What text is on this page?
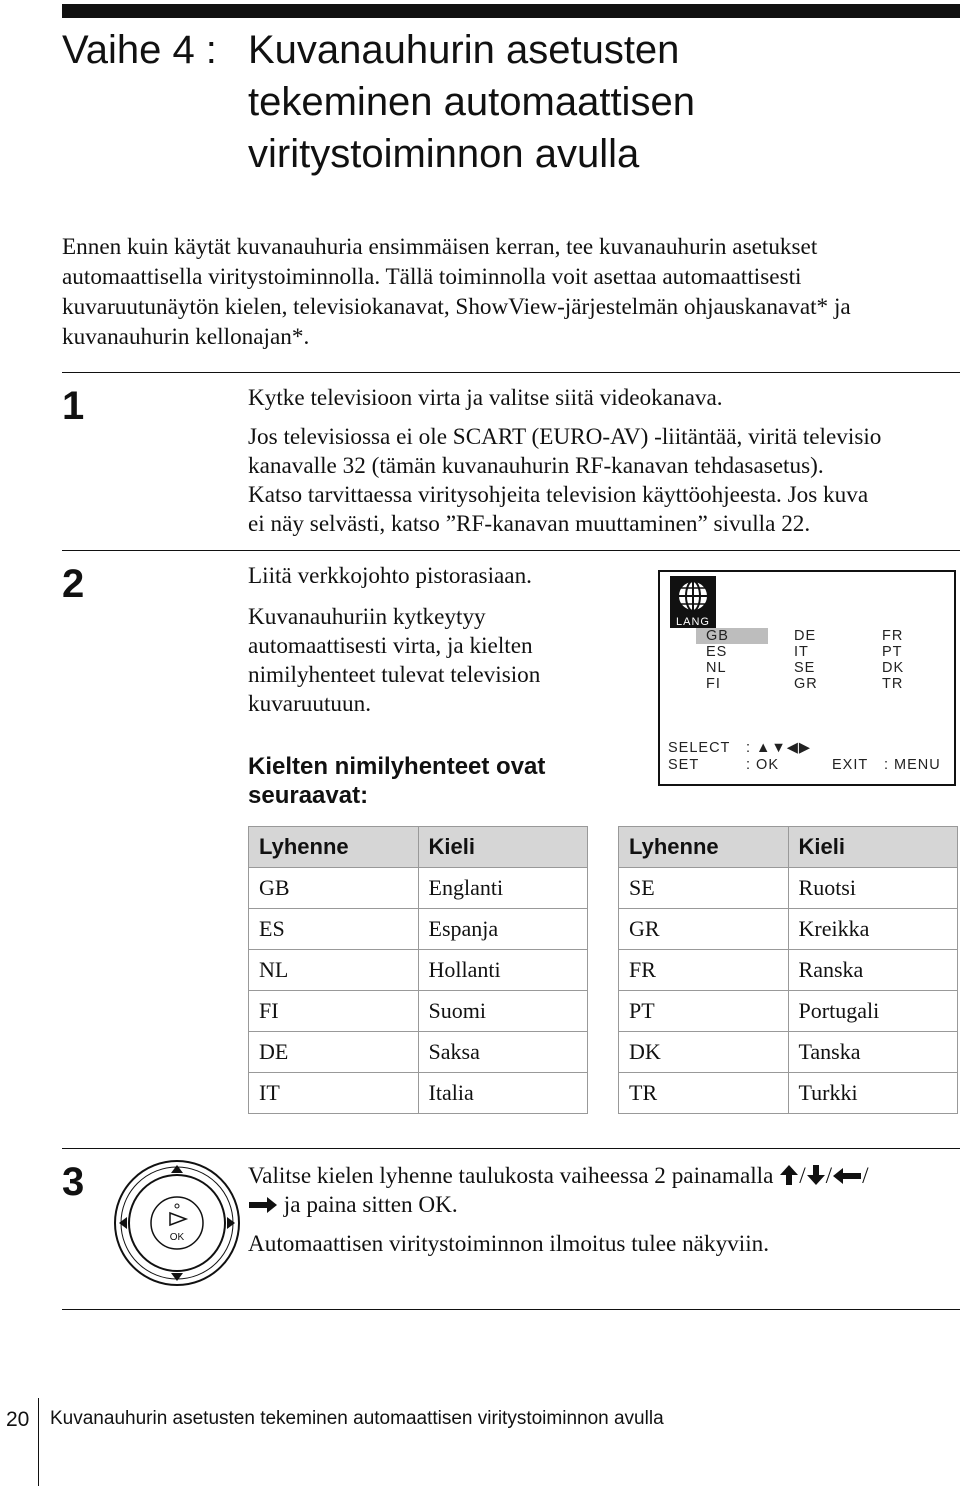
Vaihe 4 : Kuvanauhurin asetusten
tekeminen automaattisen
viritystoiminnon avulla
Ennen kuin käytät kuvanauhuria ensimmäisen kerran, tee kuvanauhurin asetukset
automaattisella viritystoiminnolla. Tällä toiminnolla voit asettaa automaattisesti
kuvaruutunäytön kielen, televisiokanavat, ShowView-järjestelmän ohjauskanavat* ja
kuvanauhurin kellonajan*.
1	Kytke televisioon virta ja valitse siitä videokanava.
Jos televisiossa ei ole SCART (EURO-AV) -liitäntää, viritä televisio
kanavalle 32 (tämän kuvanauhurin RF-kanavan tehdasasetus).
Katso tarvittaessa viritysohjeita television käyttöohjeesta. Jos kuva
ei näy selvästi, katso ”RF-kanavan muuttaminen” sivulla 22.
2	Liitä verkkojohto pistorasiaan.
Kuvanauhuriin kytkeytyy
automaattisesti virta, ja kielten
nimilyhenteet tulevat television
kuvaruutuun.
LANG
GB
ES
NL
FI
DE
IT
SE
GR
FR
PT
DK
TR
SELECT : ▲▼◀▶
SET	: OK	EXIT : MENU
Kielten nimilyhenteet ovat
seuraavat:
Lyhenne	Kieli
GB	Englanti
ES	Espanja
NL	Hollanti
FI	Suomi
DE	Saksa
IT	Italia
Lyhenne	Kieli
SE	Ruotsi
GR	Kreikka
FR	Ranska
PT	Portugali
DK	Tanska
TR	Turkki
3
OK
Valitse kielen lyhenne taulukosta vaiheessa 2 painamalla / / /
ja paina sitten OK.
Automaattisen viritystoiminnon ilmoitus tulee näkyviin.
20 Kuvanauhurin asetusten tekeminen automaattisen viritystoiminnon avulla
